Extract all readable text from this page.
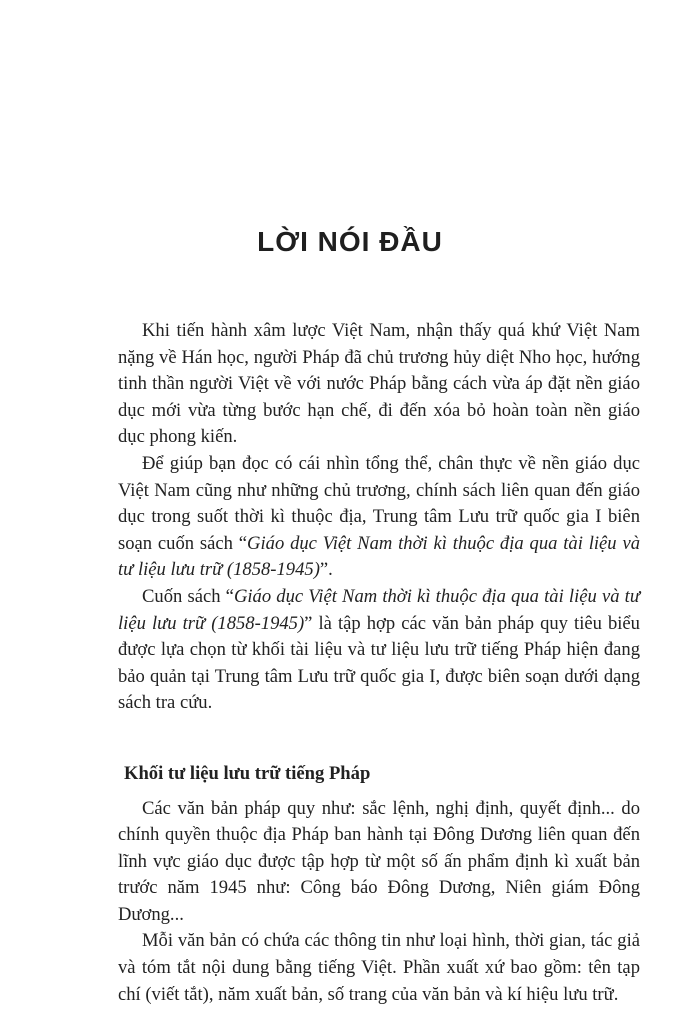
LỜI NÓI ĐẦU

Khi tiến hành xâm lược Việt Nam, nhận thấy quá khứ Việt Nam nặng về Hán học, người Pháp đã chủ trương hủy diệt Nho học, hướng tinh thần người Việt về với nước Pháp bằng cách vừa áp đặt nền giáo dục mới vừa từng bước hạn chế, đi đến xóa bỏ hoàn toàn nền giáo dục phong kiến.

Để giúp bạn đọc có cái nhìn tổng thể, chân thực về nền giáo dục Việt Nam cũng như những chủ trương, chính sách liên quan đến giáo dục trong suốt thời kì thuộc địa, Trung tâm Lưu trữ quốc gia I biên soạn cuốn sách “Giáo dục Việt Nam thời kì thuộc địa qua tài liệu và tư liệu lưu trữ (1858-1945)”.

Cuốn sách “Giáo dục Việt Nam thời kì thuộc địa qua tài liệu và tư liệu lưu trữ (1858-1945)” là tập hợp các văn bản pháp quy tiêu biểu được lựa chọn từ khối tài liệu và tư liệu lưu trữ tiếng Pháp hiện đang bảo quản tại Trung tâm Lưu trữ quốc gia I, được biên soạn dưới dạng sách tra cứu.

Khối tư liệu lưu trữ tiếng Pháp

Các văn bản pháp quy như: sắc lệnh, nghị định, quyết định... do chính quyền thuộc địa Pháp ban hành tại Đông Dương liên quan đến lĩnh vực giáo dục được tập hợp từ một số ấn phẩm định kì xuất bản trước năm 1945 như: Công báo Đông Dương, Niên giám Đông Dương...

Mỗi văn bản có chứa các thông tin như loại hình, thời gian, tác giả và tóm tắt nội dung bằng tiếng Việt. Phần xuất xứ bao gồm: tên tạp chí (viết tắt), năm xuất bản, số trang của văn bản và kí hiệu lưu trữ.
